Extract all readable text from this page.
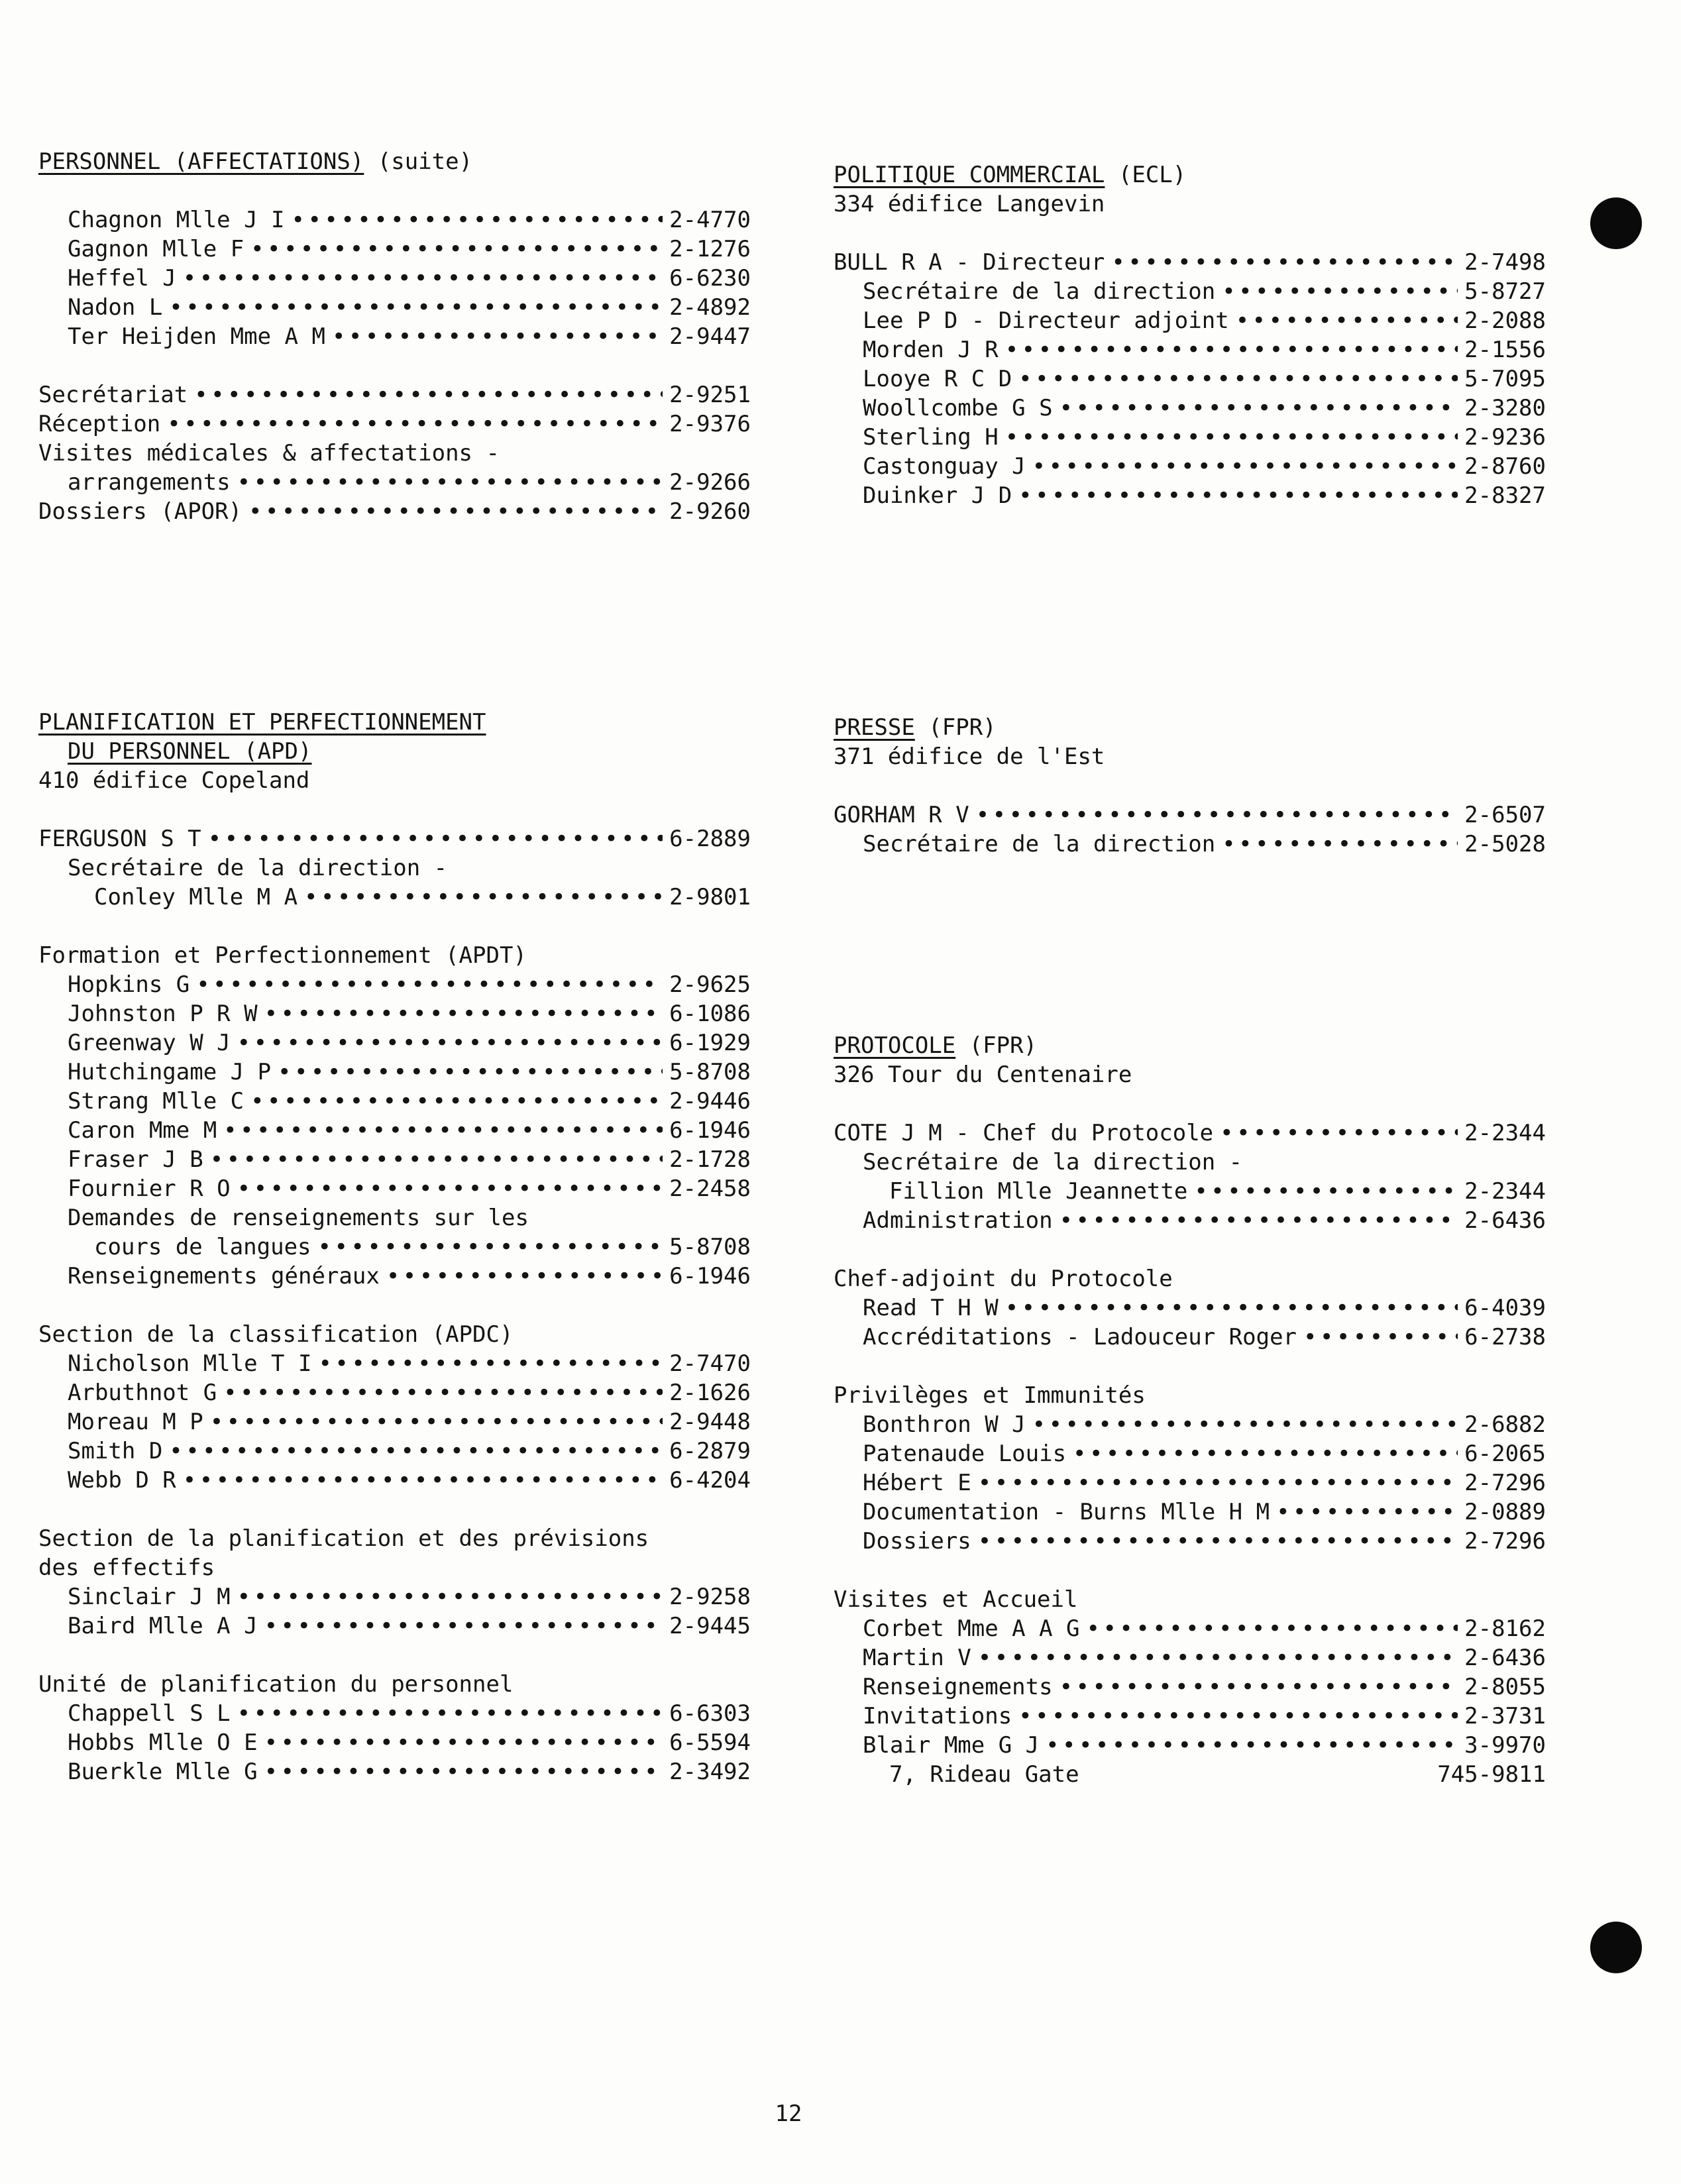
PERSONNEL (AFFECTATIONS) (suite)
Chagnon Mlle J I • • •	2-4770
Gagnon Mlle F • • •	2-1276
Heffel J • • •	6-6230
Nadon L • • •	2-4892
Ter Heijden Mme A M • • •	2-9447
Secrétariat • • •	2-9251
Réception • • •	2-9376
Visites médicales & affectations -
arrangements • • •	2-9266
Dossiers (APOR) • • •	2-9260
PLANIFICATION ET PERFECTIONNEMENT
DU PERSONNEL (APD)
410 édifice Copeland
FERGUSON S T • • •	6-2889
Secrétaire de la direction -
Conley Mlle M A • • •	2-9801
Formation et Perfectionnement (APDT)
Hopkins G • • •	2-9625
Johnston P R W • • •	6-1086
Greenway W J • • •	6-1929
Hutchingame J P • • •	5-8708
Strang Mlle C • • •	2-9446
Caron Mme M • • •	6-1946
Fraser J B • • •	2-1728
Fournier R O • • •	2-2458
Demandes de renseignements sur les
cours de langues • • •	5-8708
Renseignements généraux • • •	6-1946
Section de la classification (APDC)
Nicholson Mlle T I • • •	2-7470
Arbuthnot G • • •	2-1626
Moreau M P • • •	2-9448
Smith D • • •	6-2879
Webb D R • • •	6-4204
Section de la planification et des prévisions
des effectifs
Sinclair J M • • •	2-9258
Baird Mlle A J • • •	2-9445
Unité de planification du personnel
Chappell S L • • •	6-6303
Hobbs Mlle O E • • •	6-5594
Buerkle Mlle G • • •	2-3492
POLITIQUE COMMERCIAL (ECL)
334 édifice Langevin
BULL R A - Directeur • • •	2-7498
Secrétaire de la direction • • •	5-8727
Lee P D - Directeur adjoint • • •	2-2088
Morden J R • • •	2-1556
Looye R C D • • •	5-7095
Woollcombe G S • • •	2-3280
Sterling H • • •	2-9236
Castonguay J • • •	2-8760
Duinker J D • • •	2-8327
PRESSE (FPR)
371 édifice de l'Est
GORHAM R V • • •	2-6507
Secrétaire de la direction • • •	2-5028
PROTOCOLE (FPR)
326 Tour du Centenaire
COTE J M - Chef du Protocole • • •	2-2344
Secrétaire de la direction -
Fillion Mlle Jeannette • • •	2-2344
Administration • • •	2-6436
Chef-adjoint du Protocole
Read T H W • • •	6-4039
Accréditations - Ladouceur Roger • • •	6-2738
Privilèges et Immunités
Bonthron W J • • •	2-6882
Patenaude Louis • • •	6-2065
Hébert E • • •	2-7296
Documentation - Burns Mlle H M • • •	2-0889
Dossiers • • •	2-7296
Visites et Accueil
Corbet Mme A A G • • •	2-8162
Martin V • • •	2-6436
Renseignements • • •	2-8055
Invitations • • •	2-3731
Blair Mme G J • • •	3-9970
7, Rideau Gate	745-9811
12
